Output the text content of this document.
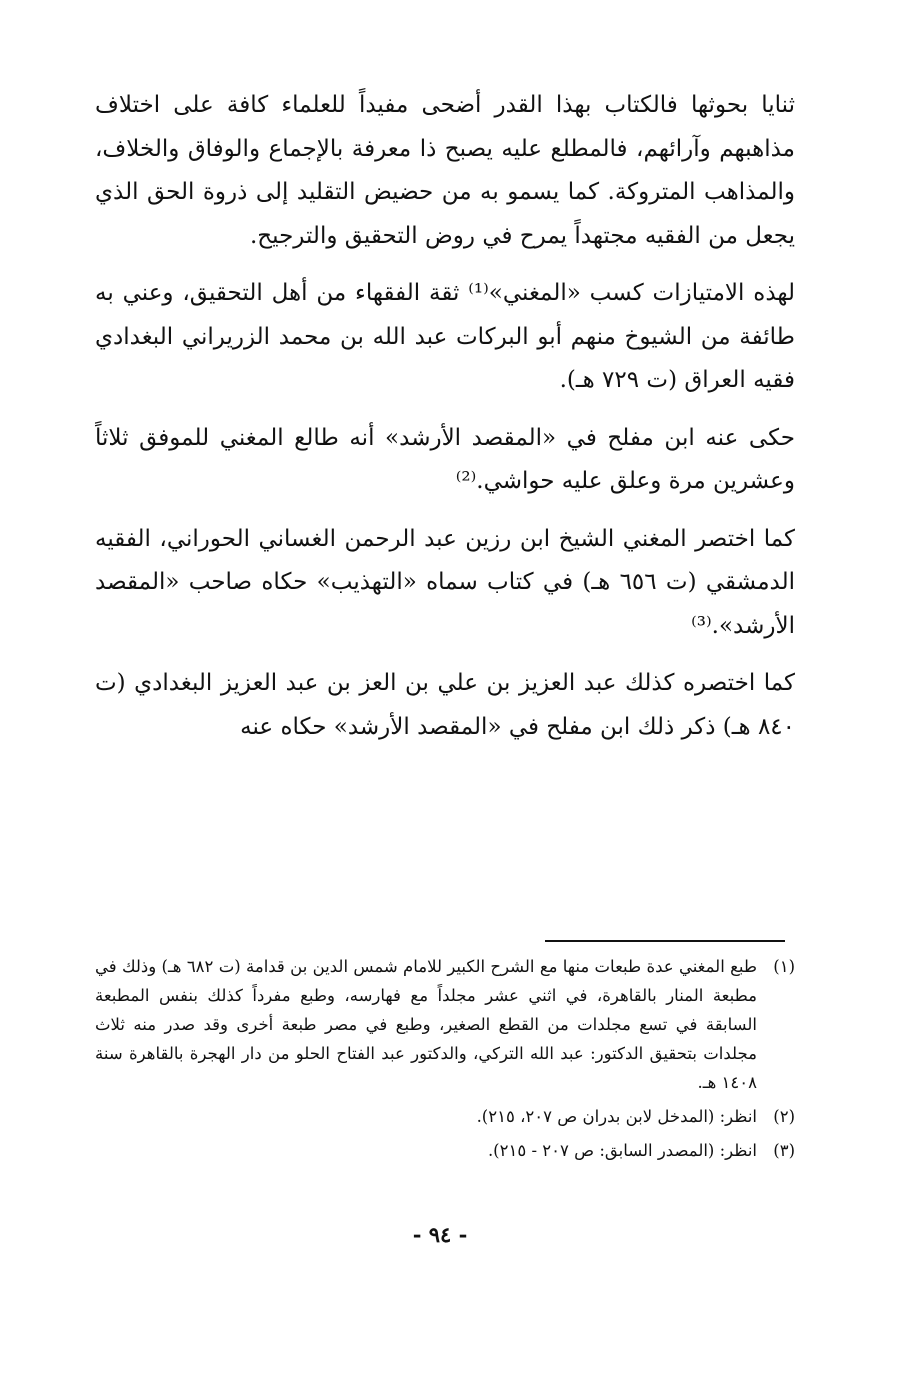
ثنايا بحوثها فالكتاب بهذا القدر أضحى مفيداً للعلماء كافة على اختلاف مذاهبهم وآرائهم، فالمطلع عليه يصبح ذا معرفة بالإجماع والوفاق والخلاف، والمذاهب المتروكة. كما يسمو به من حضيض التقليد إلى ذروة الحق الذي يجعل من الفقيه مجتهداً يمرح في روض التحقيق والترجيح.

لهذه الامتيازات كسب «المغني»⁽¹⁾ ثقة الفقهاء من أهل التحقيق، وعني به طائفة من الشيوخ منهم أبو البركات عبد الله بن محمد الزريراني البغدادي فقيه العراق (ت ٧٢٩ هـ).

حكى عنه ابن مفلح في «المقصد الأرشد» أنه طالع المغني للموفق ثلاثاً وعشرين مرة وعلق عليه حواشي.⁽²⁾

كما اختصر المغني الشيخ ابن رزين عبد الرحمن الغساني الحوراني، الفقيه الدمشقي (ت ٦٥٦ هـ) في كتاب سماه «التهذيب» حكاه صاحب «المقصد الأرشد».⁽³⁾

كما اختصره كذلك عبد العزيز بن علي بن العز بن عبد العزيز البغدادي (ت ٨٤٠ هـ) ذكر ذلك ابن مفلح في «المقصد الأرشد» حكاه عنه

(١)
طبع المغني عدة طبعات منها مع الشرح الكبير للامام شمس الدين بن قدامة (ت ٦٨٢ هـ) وذلك في مطبعة المنار بالقاهرة، في اثني عشر مجلداً مع فهارسه، وطبع مفرداً كذلك بنفس المطبعة السابقة في تسع مجلدات من القطع الصغير، وطبع في مصر طبعة أخرى وقد صدر منه ثلاث مجلدات بتحقيق الدكتور: عبد الله التركي، والدكتور عبد الفتاح الحلو من دار الهجرة بالقاهرة سنة ١٤٠٨ هـ.
(٢)
انظر: (المدخل لابن بدران ص ٢٠٧، ٢١٥).
(٣)
انظر: (المصدر السابق: ص ٢٠٧ - ٢١٥).
- ٩٤ -
